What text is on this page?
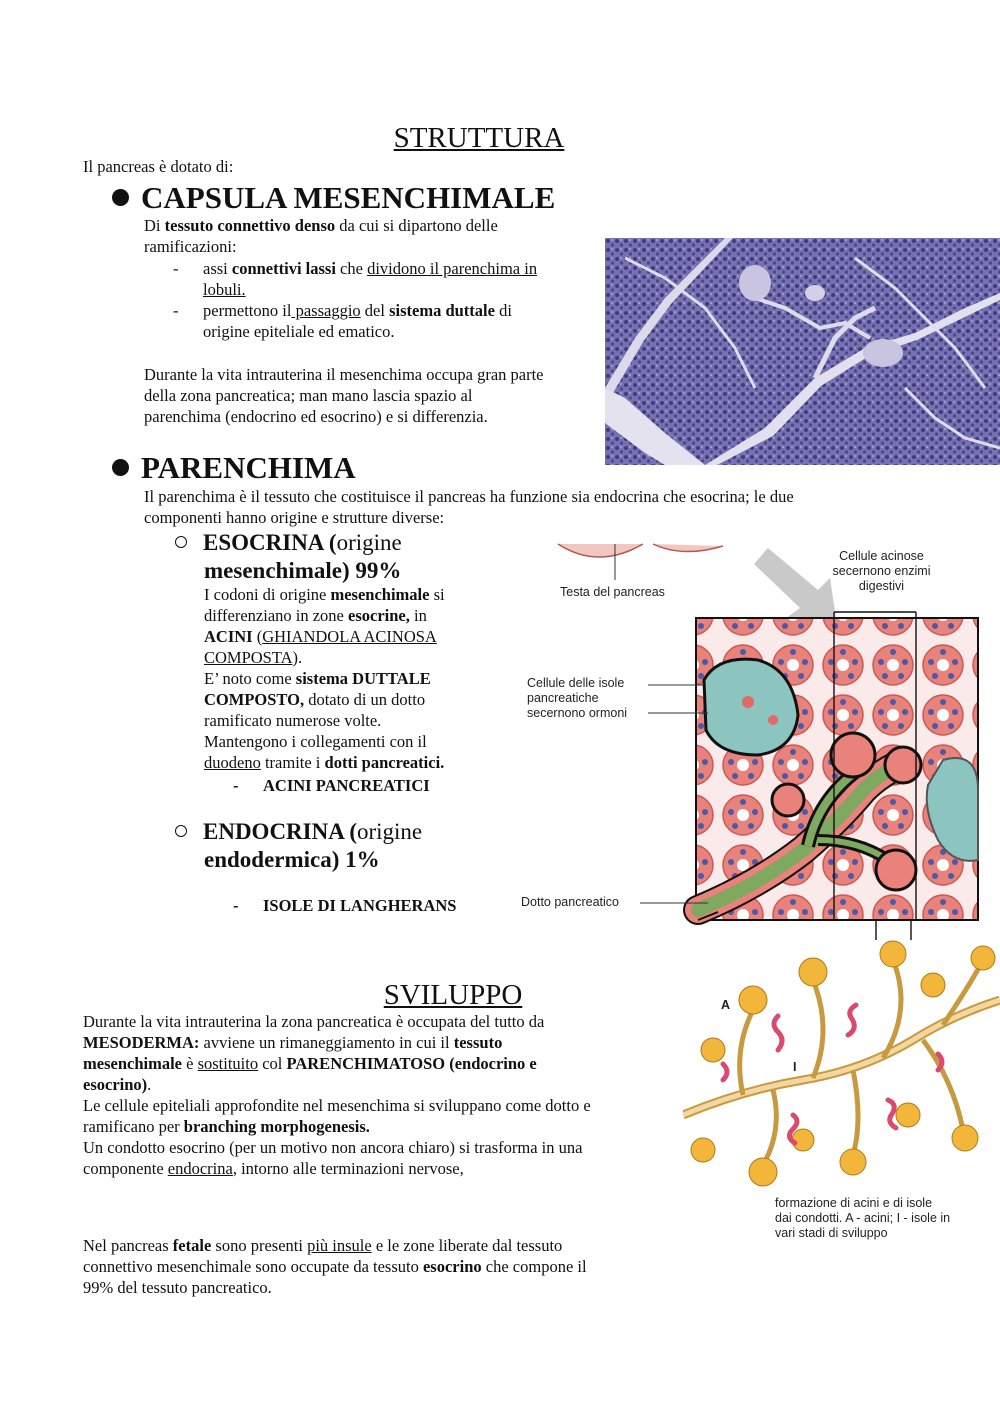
STRUTTURA
Il pancreas è dotato di:
CAPSULA MESENCHIMALE
Di tessuto connettivo denso da cui si dipartono delle
ramificazioni:
- assi connettivi lassi che dividono il parenchima in
lobuli.
- permettono il passaggio del sistema duttale di
origine epiteliale ed ematico.
Durante la vita intrauterina il mesenchima occupa gran parte
della zona pancreatica; man mano lascia spazio al
parenchima (endocrino ed esocrino) e si differenzia.
PARENCHIMA
Il parenchima è il tessuto che costituisce il pancreas ha funzione sia endocrina che esocrina; le due
componenti hanno origine e strutture diverse:
ESOCRINA (origine
mesenchimale) 99%
I codoni di origine mesenchimale si
differenziano in zone esocrine, in
ACINI (GHIANDOLA ACINOSA
COMPOSTA).
E’ noto come sistema DUTTALE
COMPOSTO, dotato di un dotto
ramificato numerose volte.
Mantengono i collegamenti con il
duodeno tramite i dotti pancreatici.
- ACINI PANCREATICI
ENDOCRINA (origine
endodermica) 1%
- ISOLE DI LANGHERANS
Testa del pancreas
Cellule acinose
secernono enzimi
digestivi
Cellule delle isole
pancreatiche
secernono ormoni
Dotto pancreatico
SVILUPPO
Durante la vita intrauterina la zona pancreatica è occupata del tutto da
MESODERMA: avviene un rimaneggiamento in cui il tessuto
mesenchimale è sostituito col PARENCHIMATOSO (endocrino e
esocrino).
Le cellule epiteliali approfondite nel mesenchima si sviluppano come dotto e
ramificano per branching morphogenesis.
Un condotto esocrino (per un motivo non ancora chiaro) si trasforma in una
componente endocrina, intorno alle terminazioni nervose,
Nel pancreas fetale sono presenti più insule e le zone liberate dal tessuto
connettivo mesenchimale sono occupate da tessuto esocrino che compone il
99% del tessuto pancreatico.
A
I
formazione di acini e di isole
dai condotti. A - acini; I - isole in
vari stadi di sviluppo
